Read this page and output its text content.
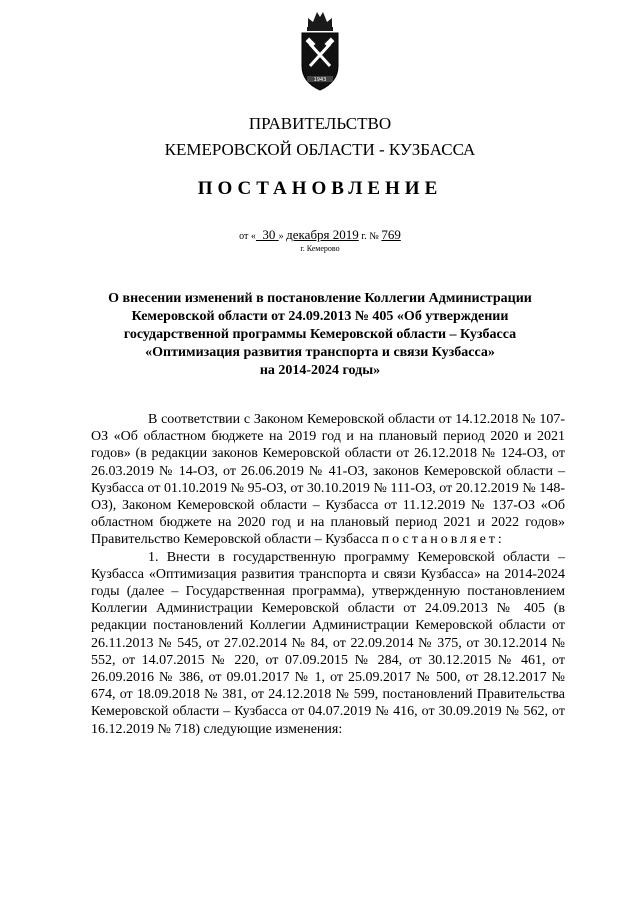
1943
ПРАВИТЕЛЬСТВО
КЕМЕРОВСКОЙ ОБЛАСТИ - КУЗБАССА
ПОСТАНОВЛЕНИЕ
от « 30 » декабря 2019 г. № 769
г. Кемерово
О внесении изменений в постановление Коллегии Администрации
Кемеровской области от 24.09.2013 № 405 «Об утверждении
государственной программы Кемеровской области – Кузбасса
«Оптимизация развития транспорта и связи Кузбасса»
на 2014-2024 годы»

В соответствии с Законом Кемеровской области от 14.12.2018 № 107-ОЗ «Об областном бюджете на 2019 год и на плановый период 2020 и 2021 годов» (в редакции законов Кемеровской области от 26.12.2018 № 124-ОЗ, от 26.03.2019 № 14-ОЗ, от 26.06.2019 № 41-ОЗ, законов Кемеровской области – Кузбасса от 01.10.2019 № 95-ОЗ, от 30.10.2019 № 111-ОЗ, от 20.12.2019 № 148-ОЗ), Законом Кемеровской области – Кузбасса от 11.12.2019 № 137-ОЗ «Об областном бюджете на 2020 год и на плановый период 2021 и 2022 годов» Правительство Кемеровской области – Кузбасса постановляет:

1. Внести в государственную программу Кемеровской области – Кузбасса «Оптимизация развития транспорта и связи Кузбасса» на 2014-2024 годы (далее – Государственная программа), утвержденную постановлением Коллегии Администрации Кемеровской области от 24.09.2013 № 405 (в редакции постановлений Коллегии Администрации Кемеровской области от 26.11.2013 № 545, от 27.02.2014 № 84, от 22.09.2014 № 375, от 30.12.2014 № 552, от 14.07.2015 № 220, от 07.09.2015 № 284, от 30.12.2015 № 461, от 26.09.2016 № 386, от 09.01.2017 № 1, от 25.09.2017 № 500, от 28.12.2017 № 674, от 18.09.2018 № 381, от 24.12.2018 № 599, постановлений Правительства Кемеровской области – Кузбасса от 04.07.2019 № 416, от 30.09.2019 № 562, от 16.12.2019 № 718) следующие изменения:
